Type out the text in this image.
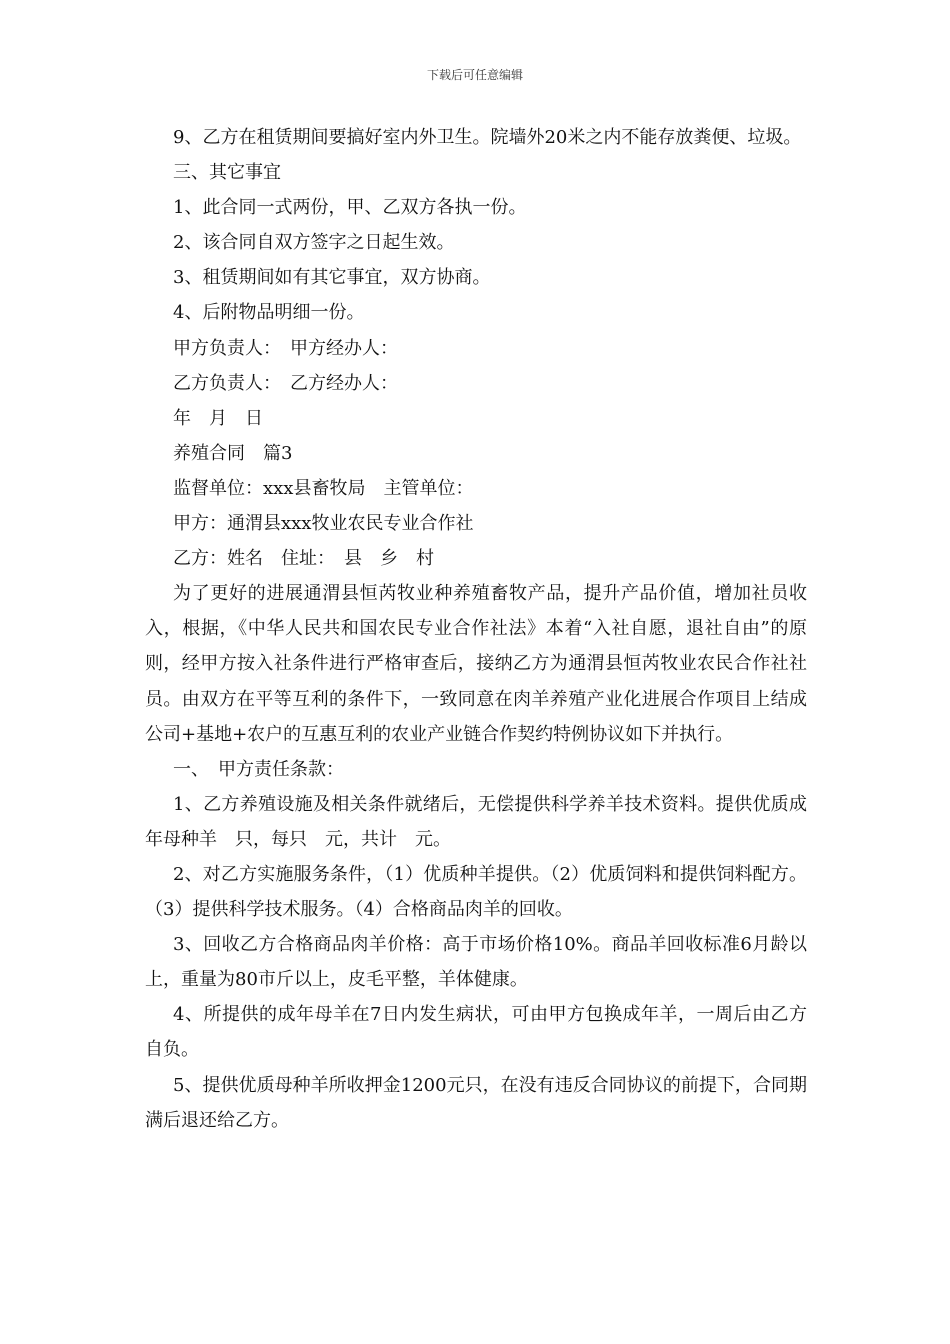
下载后可任意编辑

9、乙方在租赁期间要搞好室内外卫生。院墙外20米之内不能存放粪便、垃圾。

三、其它事宜

1、此合同一式两份，甲、乙双方各执一份。

2、该合同自双方签字之日起生效。

3、租赁期间如有其它事宜，双方协商。

4、后附物品明细一份。

甲方负责人：　甲方经办人：

乙方负责人：　乙方经办人：

年　月　日

养殖合同　篇3

监督单位：xxx县畜牧局　主管单位：

甲方：通渭县xxx牧业农民专业合作社

乙方：姓名　住址：　县　乡　村

为了更好的进展通渭县恒芮牧业种养殖畜牧产品，提升产品价值，增加社员收入，根据，《中华人民共和国农民专业合作社法》本着“入社自愿，退社自由”的原则，经甲方按入社条件进行严格审查后，接纳乙方为通渭县恒芮牧业农民合作社社员。由双方在平等互利的条件下，一致同意在肉羊养殖产业化进展合作项目上结成公司+基地+农户的互惠互利的农业产业链合作契约特例协议如下并执行。

一、　甲方责任条款：

1、乙方养殖设施及相关条件就绪后，无偿提供科学养羊技术资料。提供优质成年母种羊　只，每只　元，共计　元。

2、对乙方实施服务条件，（1）优质种羊提供。（2）优质饲料和提供饲料配方。（3）提供科学技术服务。（4）合格商品肉羊的回收。

3、回收乙方合格商品肉羊价格：高于市场价格10%。商品羊回收标准6月龄以上，重量为80市斤以上，皮毛平整，羊体健康。

4、所提供的成年母羊在7日内发生病状，可由甲方包换成年羊，一周后由乙方自负。

5、提供优质母种羊所收押金1200元只，在没有违反合同协议的前提下，合同期满后退还给乙方。
